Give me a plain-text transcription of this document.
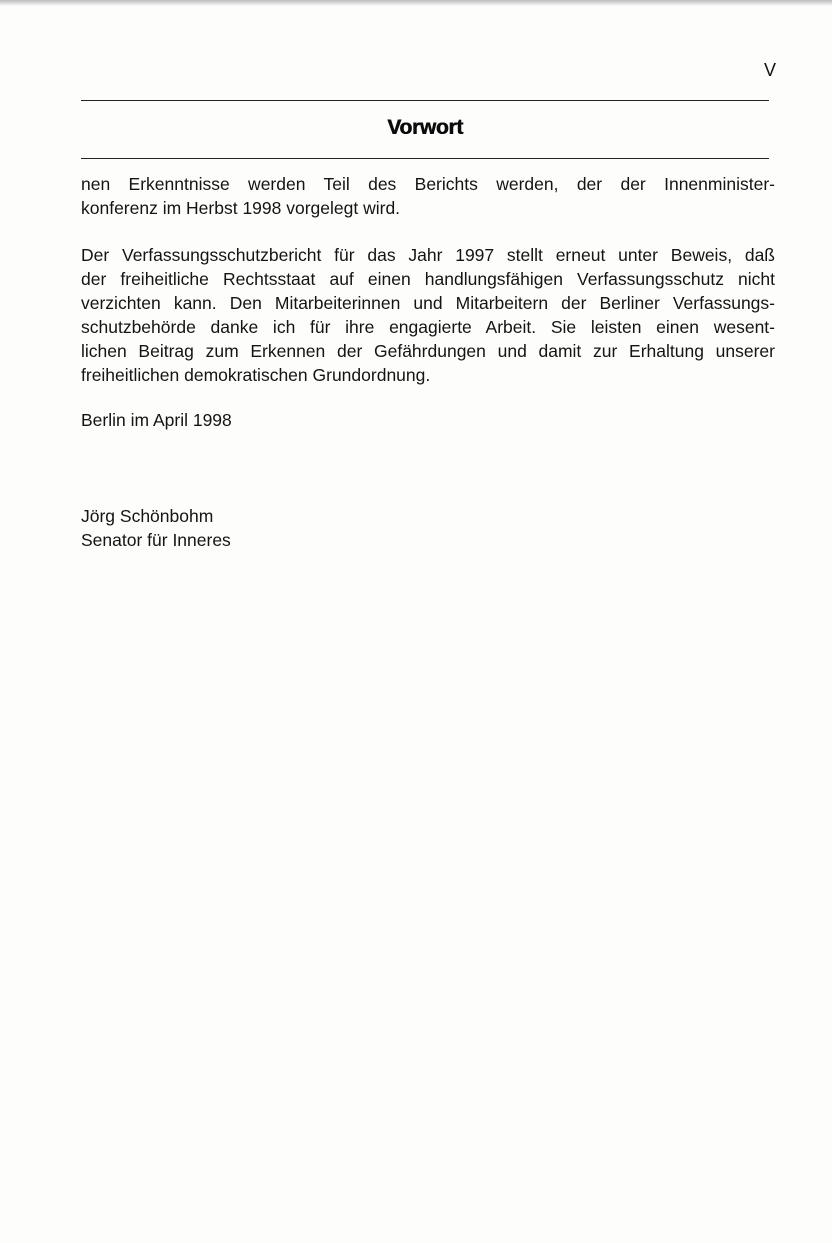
V
Vorwort
nen Erkenntnisse werden Teil des Berichts werden, der der Innenminister-
konferenz im Herbst 1998 vorgelegt wird.
Der Verfassungsschutzbericht für das Jahr 1997 stellt erneut unter Beweis, daß
der freiheitliche Rechtsstaat auf einen handlungsfähigen Verfassungsschutz nicht
verzichten kann. Den Mitarbeiterinnen und Mitarbeitern der Berliner Verfassungs-
schutzbehörde danke ich für ihre engagierte Arbeit. Sie leisten einen wesent-
lichen Beitrag zum Erkennen der Gefährdungen und damit zur Erhaltung unserer
freiheitlichen demokratischen Grundordnung.
Berlin im April 1998
Jörg Schönbohm
Senator für Inneres
